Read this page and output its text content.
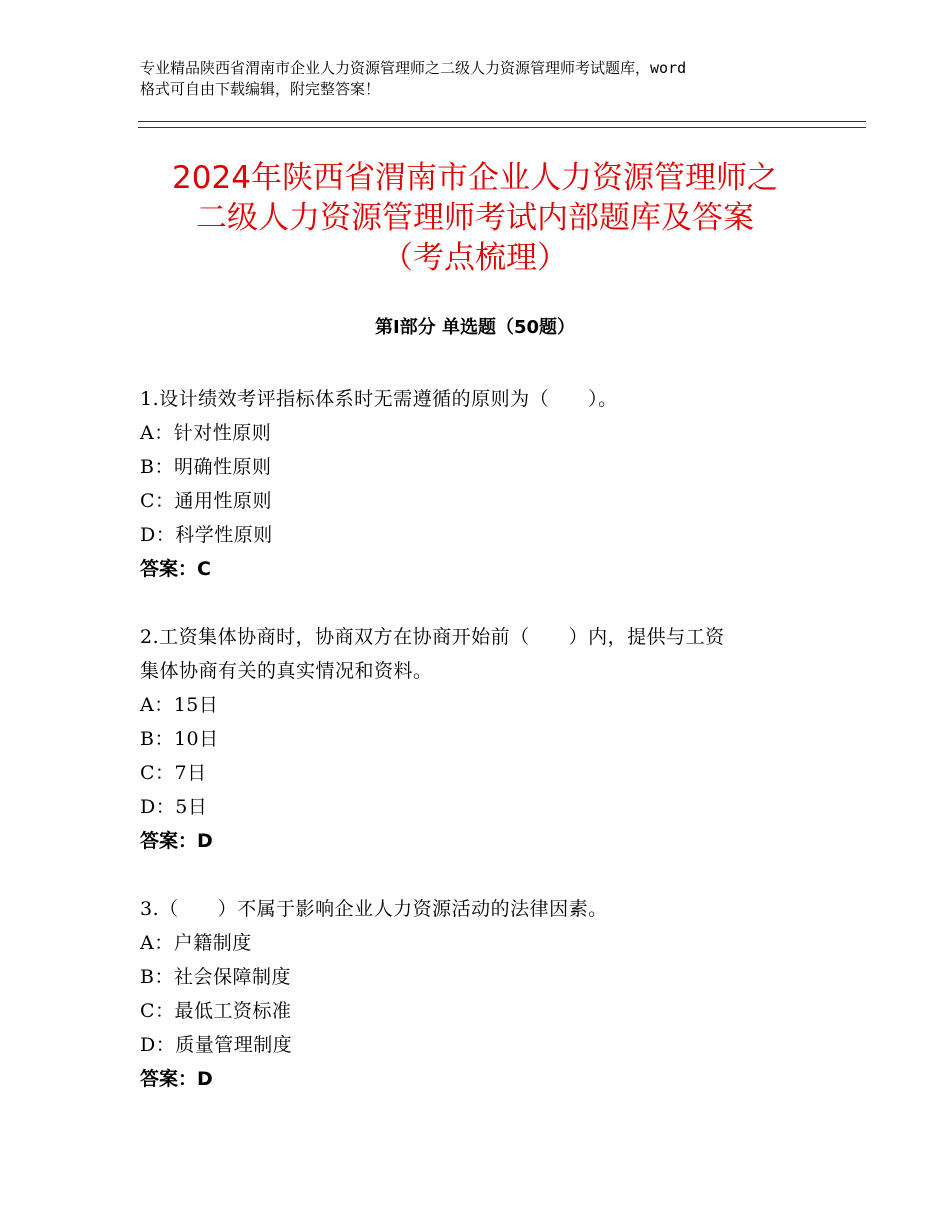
专业精品陕西省渭南市企业人力资源管理师之二级人力资源管理师考试题库，word
格式可自由下载编辑，附完整答案！
2024年陕西省渭南市企业人力资源管理师之
二级人力资源管理师考试内部题库及答案
（考点梳理）
第Ⅰ部分 单选题（50题）
1.设计绩效考评指标体系时无需遵循的原则为（　　）。
A：针对性原则
B：明确性原则
C：通用性原则
D：科学性原则
答案：C
2.工资集体协商时，协商双方在协商开始前（　　）内，提供与工资
集体协商有关的真实情况和资料。
A：15日
B：10日
C：7日
D：5日
答案：D
3.（　　）不属于影响企业人力资源活动的法律因素。
A：户籍制度
B：社会保障制度
C：最低工资标准
D：质量管理制度
答案：D
